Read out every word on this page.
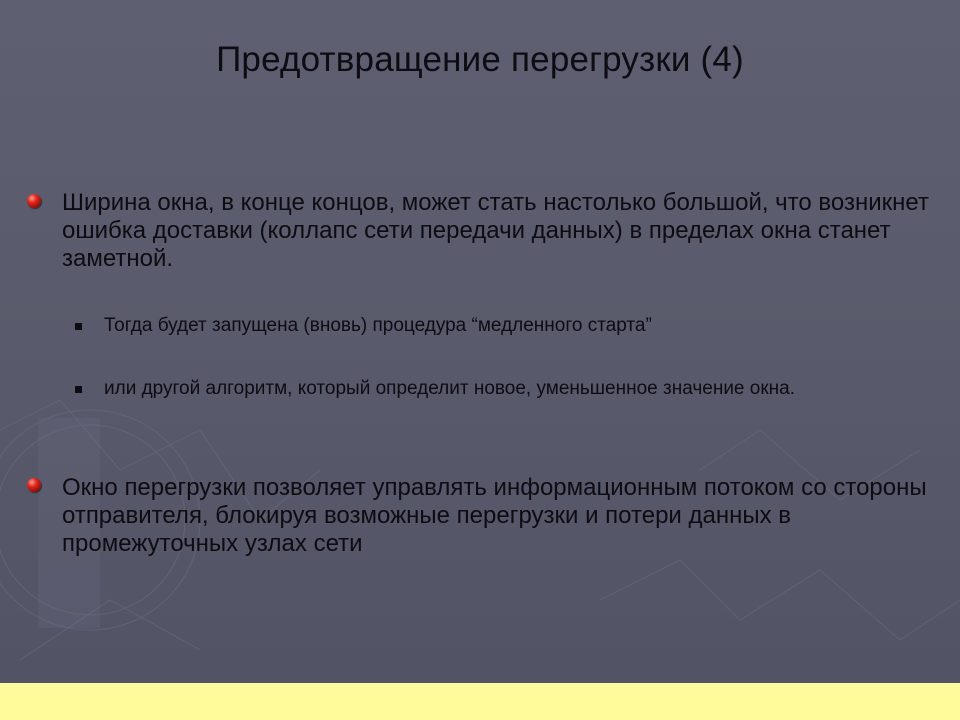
Предотвращение перегрузки (4)
Ширина окна, в конце концов, может стать настолько большой, что возникнет ошибка доставки (коллапс сети передачи данных) в пределах окна станет заметной.
Тогда будет запущена (вновь) процедура “медленного старта”
или другой алгоритм, который определит новое, уменьшенное значение окна.
Окно перегрузки позволяет управлять информационным потоком со стороны отправителя, блокируя возможные перегрузки и потери данных в промежуточных узлах сети
